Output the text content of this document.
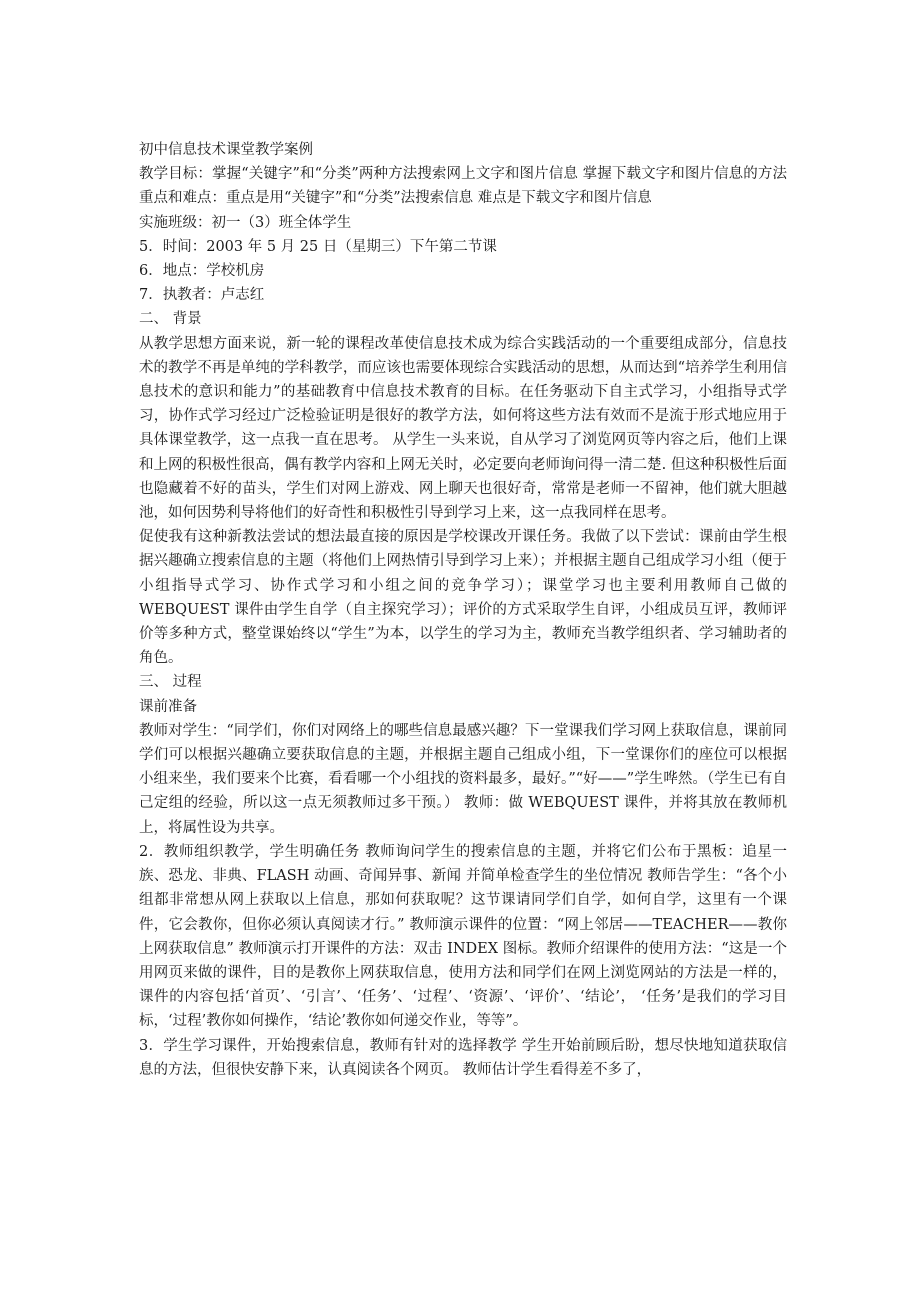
初中信息技术课堂教学案例

教学目标：掌握“关键字”和“分类”两种方法搜索网上文字和图片信息 掌握下载文字和图片信息的方法　重点和难点：重点是用“关键字”和“分类”法搜索信息 难点是下载文字和图片信息

实施班级：初一（3）班全体学生

5．时间：2003 年 5 月 25 日（星期三）下午第二节课

6．地点：学校机房

7．执教者：卢志红

二、 背景

从教学思想方面来说，新一轮的课程改革使信息技术成为综合实践活动的一个重要组成部分，信息技术的教学不再是单纯的学科教学，而应该也需要体现综合实践活动的思想，从而达到“培养学生利用信息技术的意识和能力”的基础教育中信息技术教育的目标。在任务驱动下自主式学习，小组指导式学习，协作式学习经过广泛检验证明是很好的教学方法，如何将这些方法有效而不是流于形式地应用于具体课堂教学，这一点我一直在思考。 从学生一头来说，自从学习了浏览网页等内容之后，他们上课和上网的积极性很高，偶有教学内容和上网无关时，必定要向老师询问得一清二楚. 但这种积极性后面也隐藏着不好的苗头，学生们对网上游戏、网上聊天也很好奇，常常是老师一不留神，他们就大胆越池，如何因势利导将他们的好奇性和积极性引导到学习上来，这一点我同样在思考。

促使我有这种新教法尝试的想法最直接的原因是学校课改开课任务。我做了以下尝试：课前由学生根据兴趣确立搜索信息的主题（将他们上网热情引导到学习上来）；并根据主题自己组成学习小组（便于小组指导式学习、协作式学习和小组之间的竞争学习）；课堂学习也主要利用教师自己做的 WEBQUEST 课件由学生自学（自主探究学习）；评价的方式采取学生自评，小组成员互评，教师评价等多种方式，整堂课始终以“学生”为本，以学生的学习为主，教师充当教学组织者、学习辅助者的角色。

三、 过程

课前准备

教师对学生：“同学们，你们对网络上的哪些信息最感兴趣？下一堂课我们学习网上获取信息，课前同学们可以根据兴趣确立要获取信息的主题，并根据主题自己组成小组，下一堂课你们的座位可以根据小组来坐，我们要来个比赛，看看哪一个小组找的资料最多，最好。”“好——”学生哗然。（学生已有自己定组的经验，所以这一点无须教师过多干预。） 教师：做 WEBQUEST 课件，并将其放在教师机上，将属性设为共享。

2．教师组织教学，学生明确任务 教师询问学生的搜索信息的主题，并将它们公布于黑板：追星一族、恐龙、非典、FLASH 动画、奇闻异事、新闻 并简单检查学生的坐位情况 教师告学生：“各个小组都非常想从网上获取以上信息，那如何获取呢？这节课请同学们自学，如何自学，这里有一个课件，它会教你，但你必须认真阅读才行。” 教师演示课件的位置：“网上邻居——TEACHER——教你上网获取信息” 教师演示打开课件的方法：双击 INDEX 图标。教师介绍课件的使用方法：“这是一个用网页来做的课件，目的是教你上网获取信息，使用方法和同学们在网上浏览网站的方法是一样的，课件的内容包括‘首页’、‘引言’、‘任务’、‘过程’、‘资源’、‘评价’、‘结论’， ‘任务’是我们的学习目标，‘过程’教你如何操作，‘结论’教你如何递交作业，等等”。

3．学生学习课件，开始搜索信息，教师有针对的选择教学 学生开始前顾后盼，想尽快地知道获取信息的方法，但很快安静下来，认真阅读各个网页。 教师估计学生看得差不多了，
